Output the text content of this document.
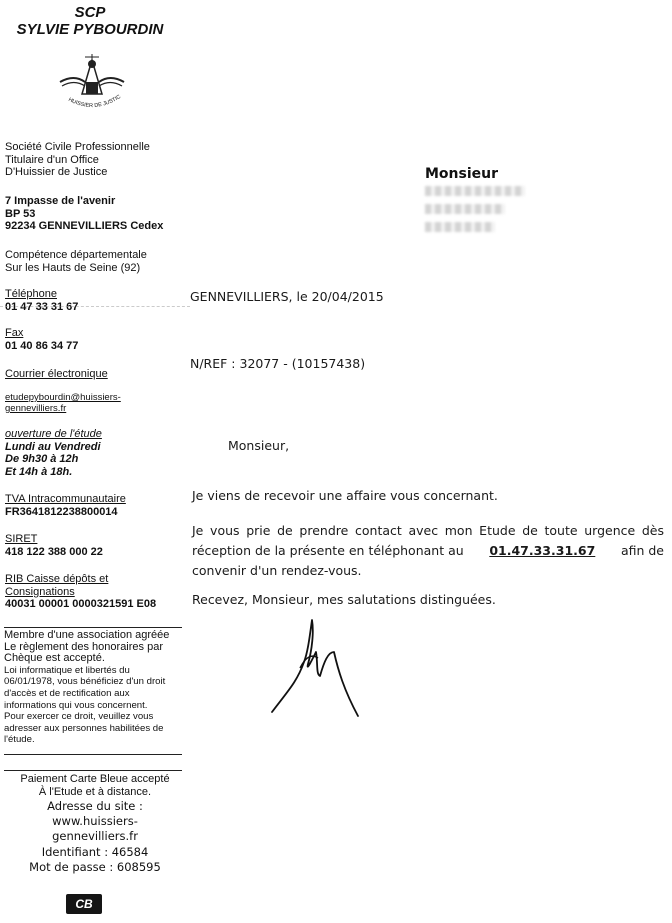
SCP
SYLVIE PYBOURDIN
HUISSIER DE JUSTIC
Société Civile Professionnelle
Titulaire d'un Office
D'Huissier de Justice
7 Impasse de l'avenir
BP 53
92234 GENNEVILLIERS Cedex
Compétence départementale
Sur les Hauts de Seine (92)
Téléphone
01 47 33 31 67
Fax
01 40 86 34 77
Courrier électronique
etudepybourdin@huissiers-
gennevilliers.fr
ouverture de l'étude
Lundi au Vendredi
De 9h30 à 12h
Et 14h à 18h.
TVA Intracommunautaire
FR3641812238800014
SIRET
418 122 388 000 22
RIB Caisse dépôts et
Consignations
40031 00001 0000321591 E08
Membre d'une association agréée
Le règlement des honoraires par
Chèque est accepté.
Loi informatique et libertés du
06/01/1978, vous bénéficiez d'un droit
d'accès et de rectification aux
informations qui vous concernent.
Pour exercer ce droit, veuillez vous
adresser aux personnes habilitées de
l'étude.
Paiement Carte Bleue accepté
À l'Etude et à distance.
Adresse du site :
www.huissiers-
gennevilliers.fr
Identifiant : 46584
Mot de passe : 608595
CB
Monsieur
GENNEVILLIERS, le 20/04/2015
N/REF : 32077 - (10157438)
Monsieur,
Je viens de recevoir une affaire vous concernant.
Je vous prie de prendre contact avec mon Etude de toute urgence dès
réception de la présente en téléphonant au 01.47.33.31.67 afin de
convenir d'un rendez-vous.
Recevez, Monsieur, mes salutations distinguées.
